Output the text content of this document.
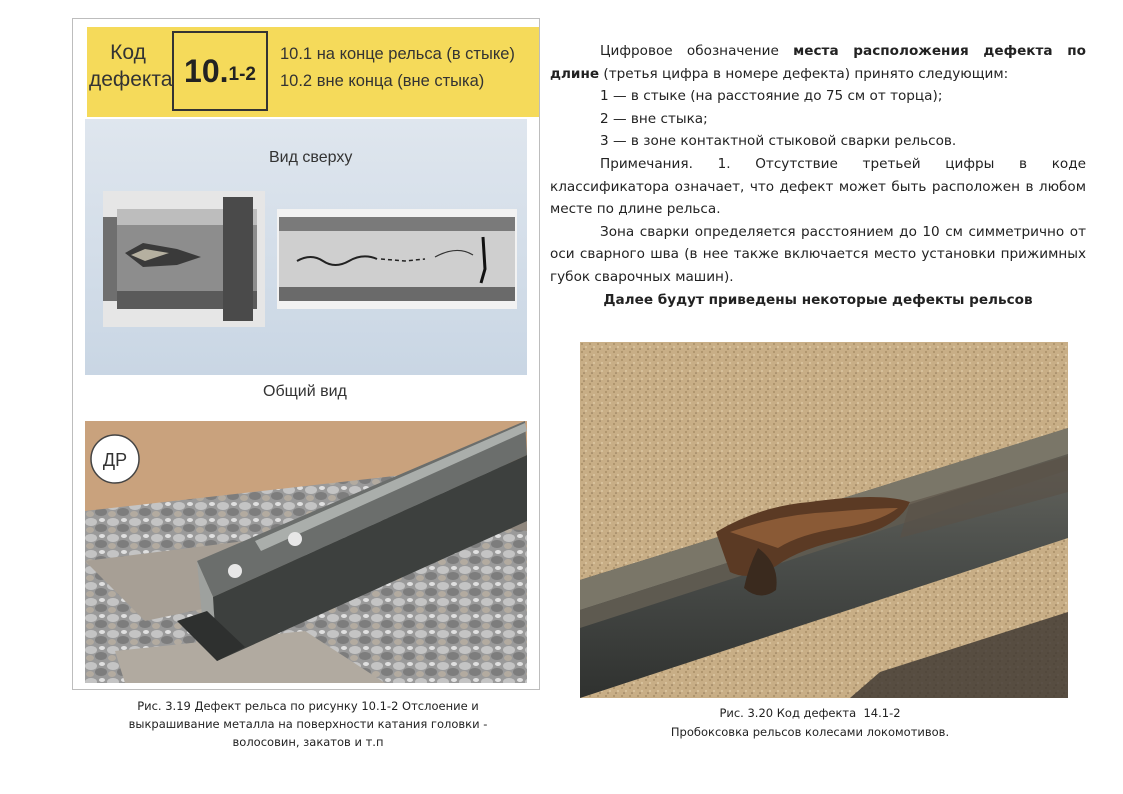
Код
дефекта 10. 1-2
10.1 на конце рельса (в стыке)
10.2 вне конца (вне стыка)
Вид сверху
Общий вид
ДР
Рис. 3.19 Дефект рельса по рисунку 10.1-2 Отслоение и
выкрашивание металла на поверхности катания головки -
волосовин, закатов и т.п

Цифровое обозначение места расположения дефекта по длине (третья цифра в номере дефекта) принято следующим:

1 — в стыке (на расстояние до 75 см от торца);

2 — вне стыка;

3 — в зоне контактной стыковой сварки рельсов.

Примечания. 1. Отсутствие третьей цифры в коде классификатора означает, что дефект может быть расположен в любом месте по длине рельса.

Зона сварки определяется расстоянием до 10 см симметрично от оси сварного шва (в нее также включается место установки прижимных губок сварочных машин).

Далее будут приведены некоторые дефекты рельсов

Рис. 3.20 Код дефекта  14.1-2
Пробоксовка рельсов колесами локомотивов.
